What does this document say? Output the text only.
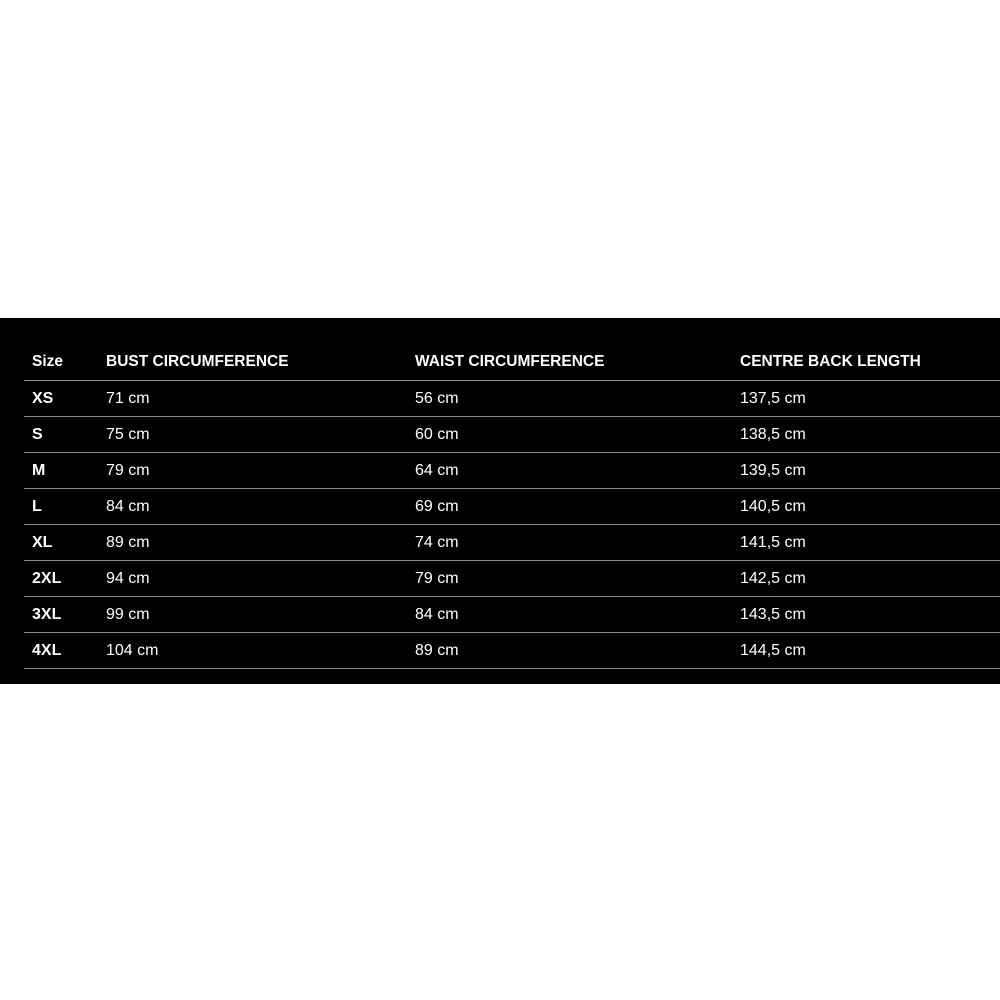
Size	BUST CIRCUMFERENCE	WAIST CIRCUMFERENCE	CENTRE BACK LENGTH
XS	71 cm	56 cm	137,5 cm
S	75 cm	60 cm	138,5 cm
M	79 cm	64 cm	139,5 cm
L	84 cm	69 cm	140,5 cm
XL	89 cm	74 cm	141,5 cm
2XL	94 cm	79 cm	142,5 cm
3XL	99 cm	84 cm	143,5 cm
4XL	104 cm	89 cm	144,5 cm
